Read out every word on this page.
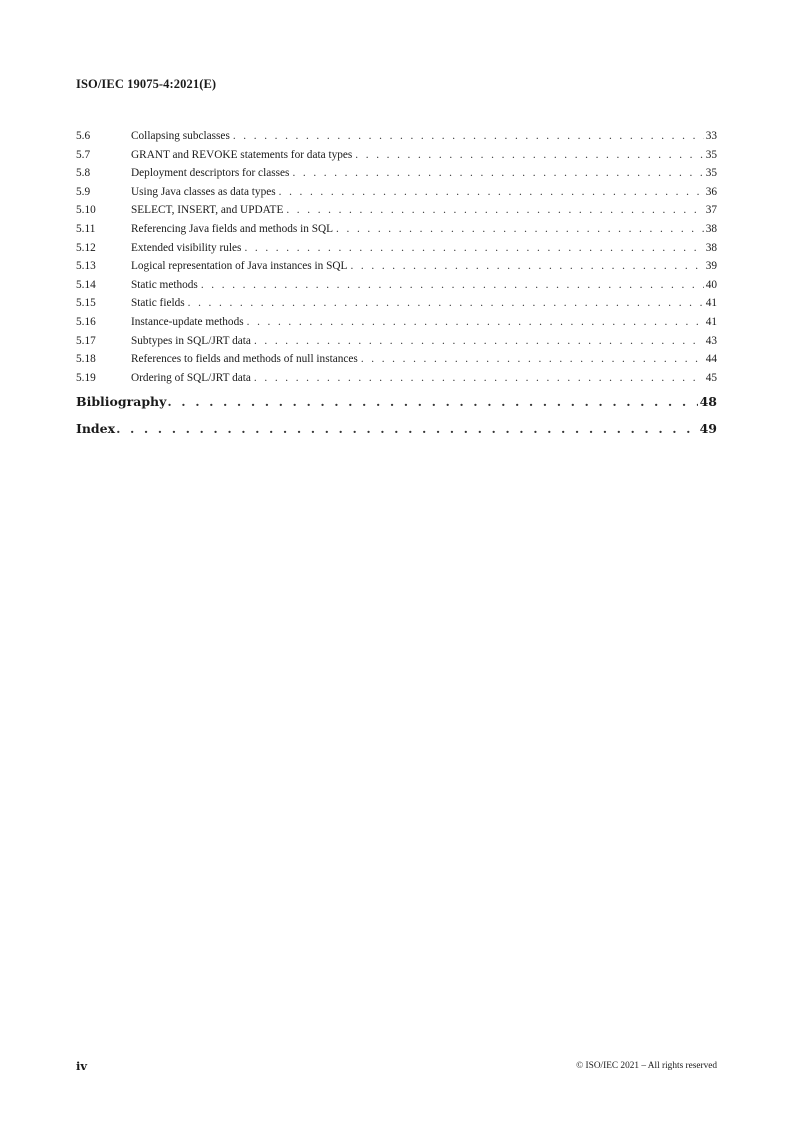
ISO/IEC 19075-4:2021(E)
5.6	Collapsing subclasses . . .	33
5.7	GRANT and REVOKE statements for data types . . .	35
5.8	Deployment descriptors for classes . . .	35
5.9	Using Java classes as data types . . .	36
5.10	SELECT, INSERT, and UPDATE . . .	37
5.11	Referencing Java fields and methods in SQL . . .	38
5.12	Extended visibility rules . . .	38
5.13	Logical representation of Java instances in SQL . . .	39
5.14	Static methods . . .	40
5.15	Static fields . . .	41
5.16	Instance-update methods . . .	41
5.17	Subtypes in SQL/JRT data . . .	43
5.18	References to fields and methods of null instances . . .	44
5.19	Ordering of SQL/JRT data . . .	45
Bibliography . . .	48
Index . . .	49
iv	© ISO/IEC 2021 – All rights reserved
